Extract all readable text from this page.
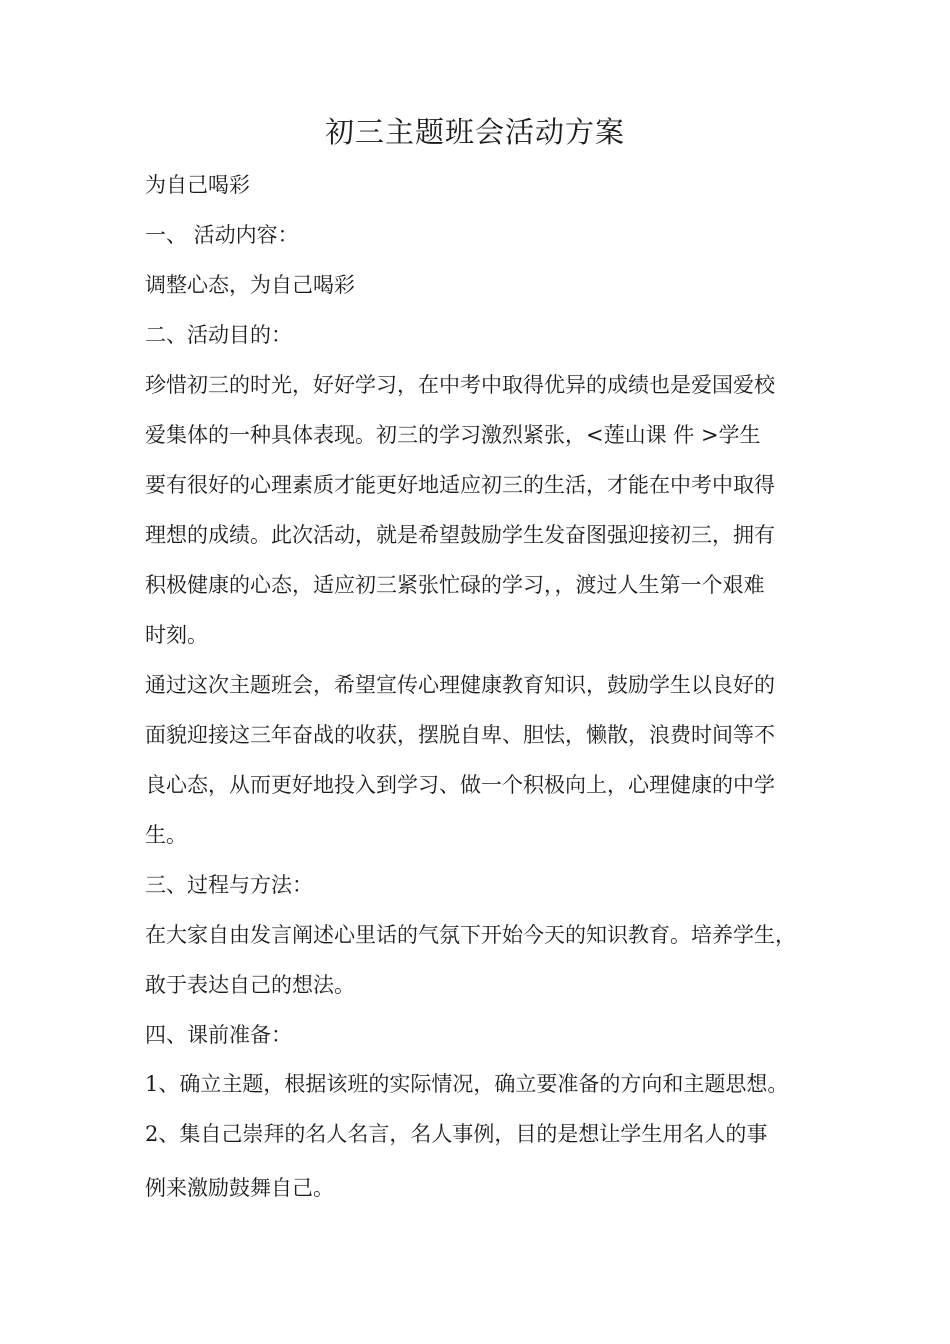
初三主题班会活动方案
为自己喝彩
一、 活动内容：
调整心态，为自己喝彩
二、活动目的：
珍惜初三的时光，好好学习，在中考中取得优异的成绩也是爱国爱校
爱集体的一种具体表现。初三的学习激烈紧张，<莲山课 件 >学生
要有很好的心理素质才能更好地适应初三的生活，才能在中考中取得
理想的成绩。此次活动，就是希望鼓励学生发奋图强迎接初三，拥有
积极健康的心态，适应初三紧张忙碌的学习，，渡过人生第一个艰难
时刻。
通过这次主题班会，希望宣传心理健康教育知识，鼓励学生以良好的
面貌迎接这三年奋战的收获，摆脱自卑、胆怯，懒散，浪费时间等不
良心态，从而更好地投入到学习、做一个积极向上，心理健康的中学
生。
三、过程与方法：
在大家自由发言阐述心里话的气氛下开始今天的知识教育。培养学生，
敢于表达自己的想法。
四、课前准备：
1、确立主题，根据该班的实际情况，确立要准备的方向和主题思想。
2、集自己崇拜的名人名言，名人事例，目的是想让学生用名人的事
例来激励鼓舞自己。
